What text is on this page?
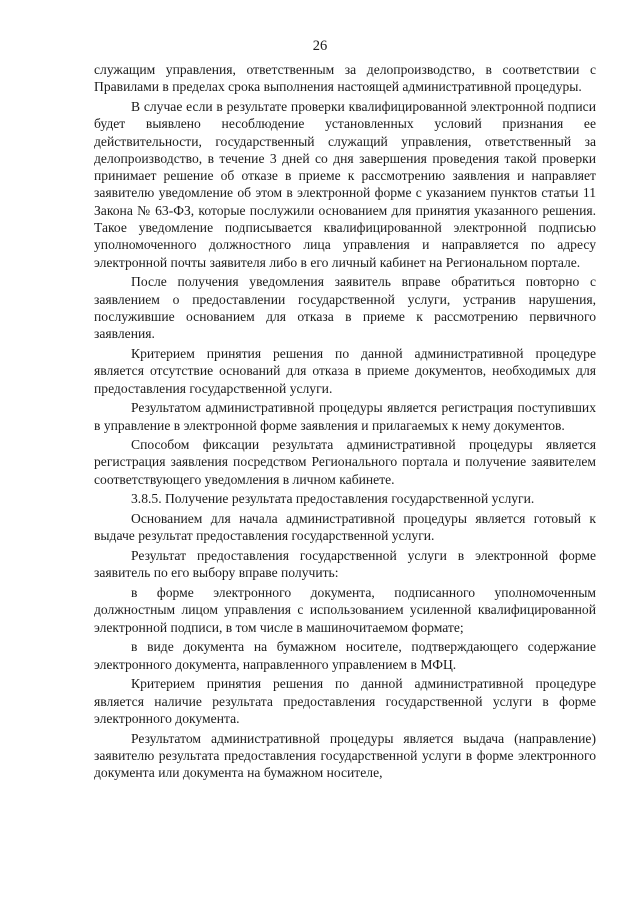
26

служащим управления, ответственным за делопроизводство, в соответствии с Правилами в пределах срока выполнения настоящей административной процедуры.

В случае если в результате проверки квалифицированной электронной подписи будет выявлено несоблюдение установленных условий признания ее действительности, государственный служащий управления, ответственный за делопроизводство, в течение 3 дней со дня завершения проведения такой проверки принимает решение об отказе в приеме к рассмотрению заявления и направляет заявителю уведомление об этом в электронной форме с указанием пунктов статьи 11 Закона № 63-ФЗ, которые послужили основанием для принятия указанного решения. Такое уведомление подписывается квалифицированной электронной подписью уполномоченного должностного лица управления и направляется по адресу электронной почты заявителя либо в его личный кабинет на Региональном портале.

После получения уведомления заявитель вправе обратиться повторно с заявлением о предоставлении государственной услуги, устранив нарушения, послужившие основанием для отказа в приеме к рассмотрению первичного заявления.

Критерием принятия решения по данной административной процедуре является отсутствие оснований для отказа в приеме документов, необходимых для предоставления государственной услуги.

Результатом административной процедуры является регистрация поступивших в управление в электронной форме заявления и прилагаемых к нему документов.

Способом фиксации результата административной процедуры является регистрация заявления посредством Регионального портала и получение заявителем соответствующего уведомления в личном кабинете.

3.8.5. Получение результата предоставления государственной услуги.

Основанием для начала административной процедуры является готовый к выдаче результат предоставления государственной услуги.

Результат предоставления государственной услуги в электронной форме заявитель по его выбору вправе получить:

в форме электронного документа, подписанного уполномоченным должностным лицом управления с использованием усиленной квалифицированной электронной подписи, в том числе в машиночитаемом формате;

в виде документа на бумажном носителе, подтверждающего содержание электронного документа, направленного управлением в МФЦ.

Критерием принятия решения по данной административной процедуре является наличие результата предоставления государственной услуги в форме электронного документа.

Результатом административной процедуры является выдача (направление) заявителю результата предоставления государственной услуги в форме электронного документа или документа на бумажном носителе,
